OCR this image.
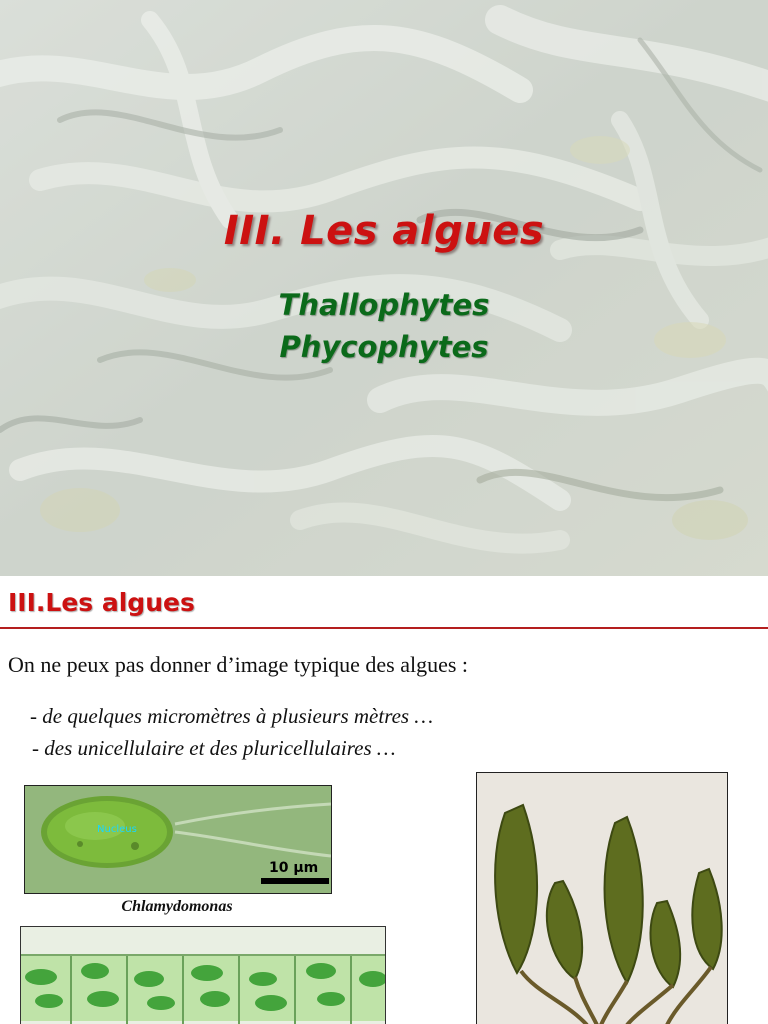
III. Les algues
Thallophytes
Phycophytes
III.Les algues
On ne peux pas donner d’image typique des algues :
- de quelques micromètres à plusieurs mètres …
- des unicellulaire et des pluricellulaires …
Nucleus
10 µm
Chlamydomonas
